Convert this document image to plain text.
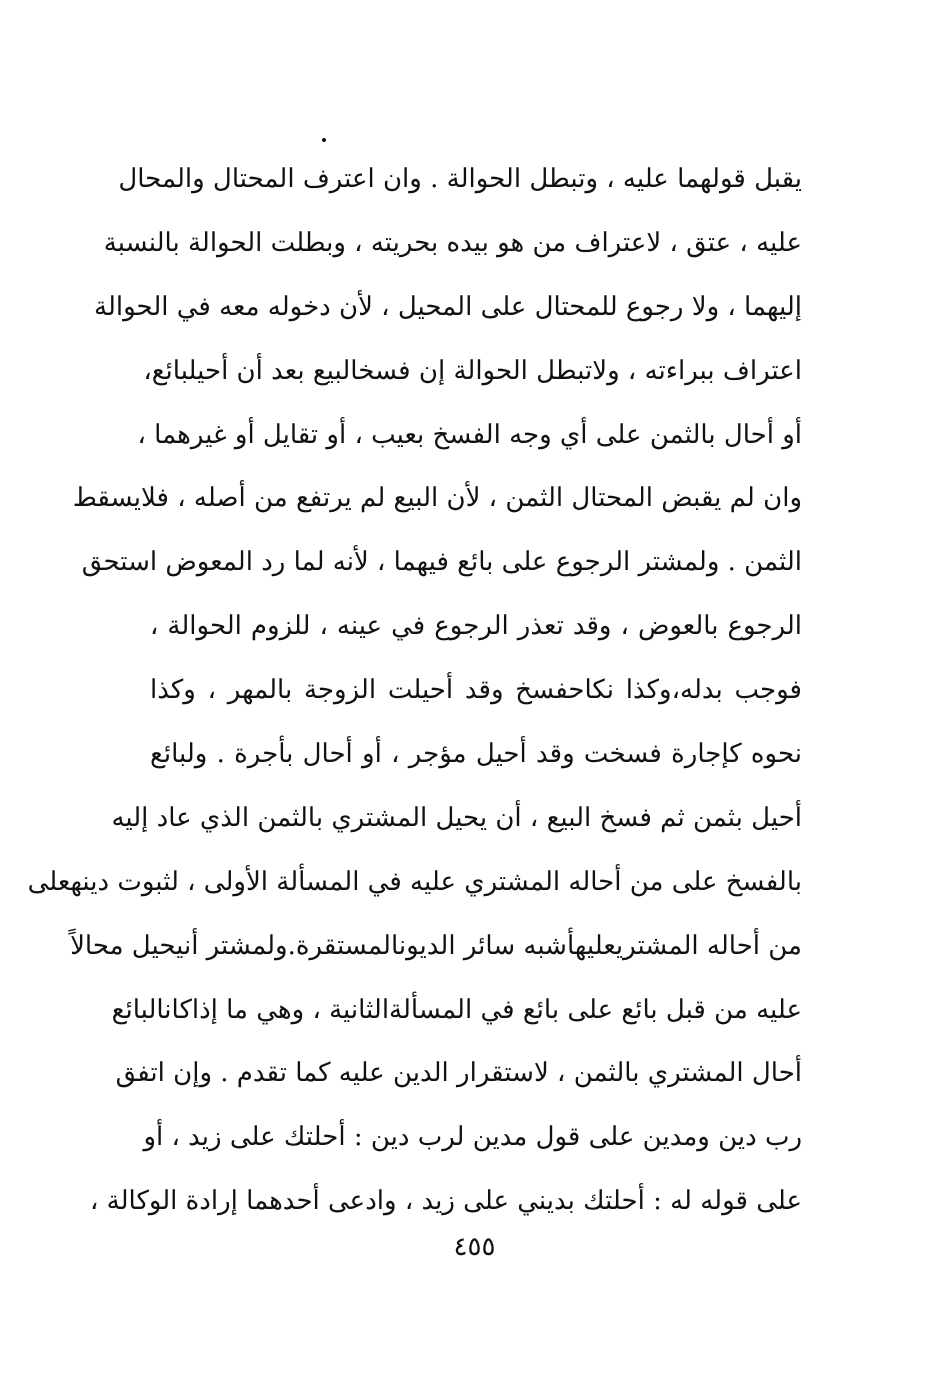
يقبل قولهما عليه ، وتبطل الحوالة . وان اعترف المحتال والمحال
عليه ، عتق ، لاعتراف من هو بيده بحريته ، وبطلت الحوالة بالنسبة
إليهما ، ولا رجوع للمحتال على المحيل ، لأن دخوله معه في الحوالة
اعتراف ببراءته ، ولاتبطل الحوالة إن فسخالبيع بعد أن أحيلبائع،
أو أحال بالثمن على أي وجه الفسخ بعيب ، أو تقايل أو غيرهما ،
وان لم يقبض المحتال الثمن ، لأن البيع لم يرتفع من أصله ، فلايسقط
الثمن . ولمشتر الرجوع على بائع فيهما ، لأنه لما رد المعوض استحق
الرجوع بالعوض ، وقد تعذر الرجوع في عينه ، للزوم الحوالة ،
فوجب بدله،وكذا نكاحفسخ وقد أحيلت الزوجة بالمهر ، وكذا
نحوه كإجارة فسخت وقد أحيل مؤجر ، أو أحال بأجرة . ولبائع
أحيل بثمن ثم فسخ البيع ، أن يحيل المشتري بالثمن الذي عاد إليه
بالفسخ على من أحاله المشتري عليه في المسألة الأولى ، لثبوت دينهعلى
من أحاله المشتريعليهأشبه سائر الديونالمستقرة.ولمشتر أنيحيل محالاً
عليه من قبل بائع على بائع في المسألةالثانية ، وهي ما إذاكانالبائع
أحال المشتري بالثمن ، لاستقرار الدين عليه كما تقدم . وإن اتفق
رب دين ومدين على قول مدين لرب دين : أحلتك على زيد ، أو
على قوله له : أحلتك بديني على زيد ، وادعى أحدهما إرادة الوكالة ،
٤٥٥
